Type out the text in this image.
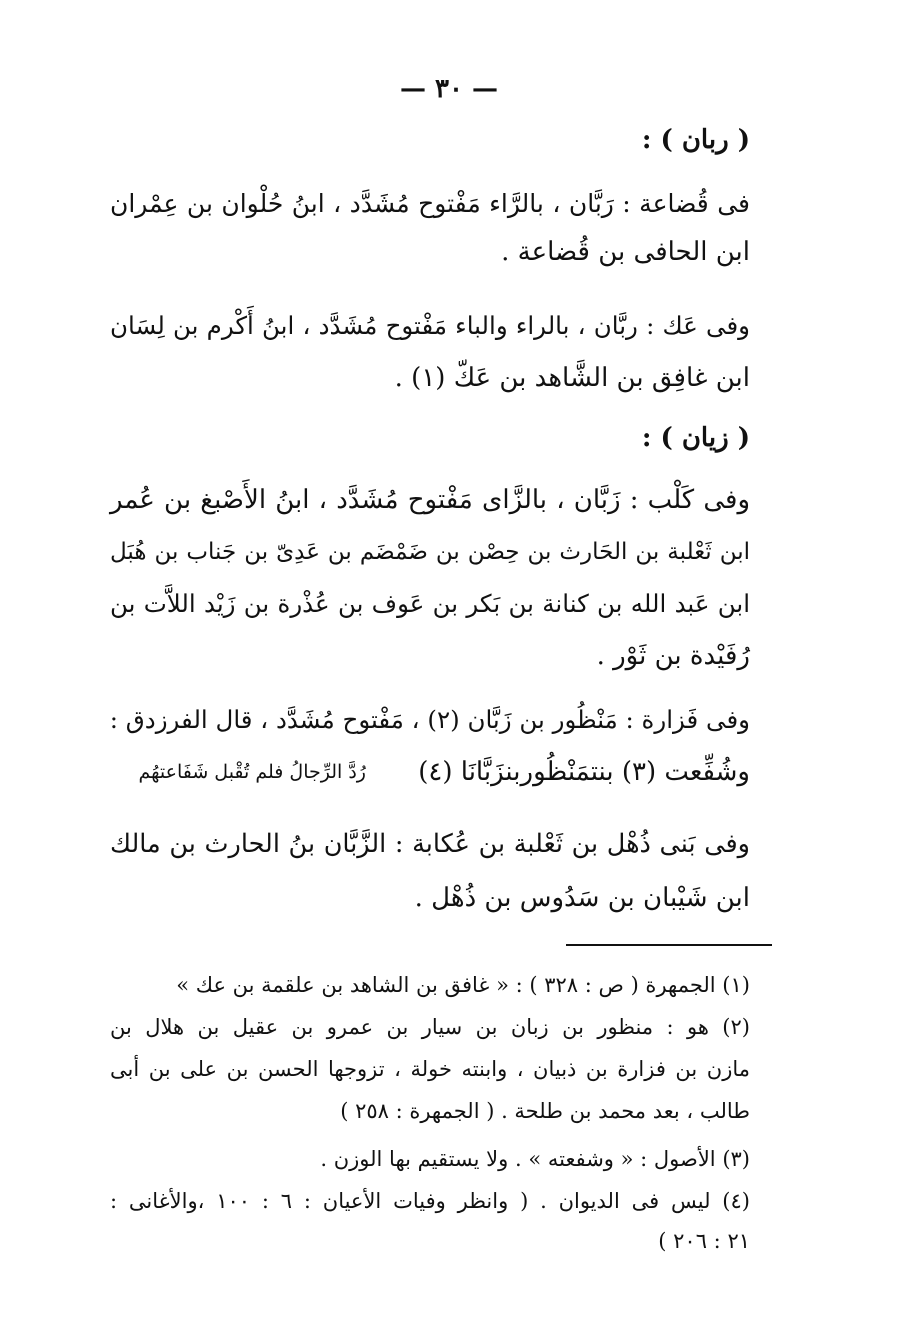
— ٣٠ —
( ربان ) :
فى قُضاعة : رَبَّان ، بالرَّاء مَفْتوح مُشَدَّد ، ابنُ حُلْوان بن عِمْران
ابن الحافى بن قُضاعة .
وفى عَك : ربَّان ، بالراء والباء مَفْتوح مُشَدَّد ، ابنُ أَكْرم بن لِسَان
ابن غافِق بن الشَّاهد بن عَكّ (١) .
( زيان ) :
وفى كَلْب : زَبَّان ، بالزَّاى مَفْتوح مُشَدَّد ، ابنُ الأَصْبغ بن عُمر
ابن ثَعْلبة بن الحَارث بن حِصْن بن ضَمْضَم بن عَدِىّ بن جَناب بن هُبَل
ابن عَبد الله بن كنانة بن بَكر بن عَوف بن عُذْرة بن زَيْد اللاَّت بن
رُفَيْدة بن ثَوْر .
وفى فَزارة : مَنْظُور بن زَبَّان (٢) ، مَفْتوح مُشَدَّد ، قال الفرزدق :
رُدَّ الرِّجالُ فلم تُقْبل شَفَاعتهُم وشُفِّعت (٣) بنتمَنْظُوربنزَبَّانَا (٤)
وفى بَنى ذُهْل بن ثَعْلبة بن عُكابة : الزَّبَّان بنُ الحارث بن مالك
ابن شَيْبان بن سَدُوس بن ذُهْل .
(١) الجمهرة ( ص : ٣٢٨ ) : « غافق بن الشاهد بن علقمة بن عك »
(٢) هو : منظور بن زبان بن سيار بن عمرو بن عقيل بن هلال بن
مازن بن فزارة بن ذبيان ، وابنته خولة ، تزوجها الحسن بن على بن أبى
طالب ، بعد محمد بن طلحة . ( الجمهرة : ٢٥٨ )
(٣) الأصول : « وشفعته » . ولا يستقيم بها الوزن .
(٤) ليس فى الديوان . ( وانظر وفيات الأعيان : ٦ : ١٠٠ ،والأغانى :
٢١ : ٢٠٦ )
